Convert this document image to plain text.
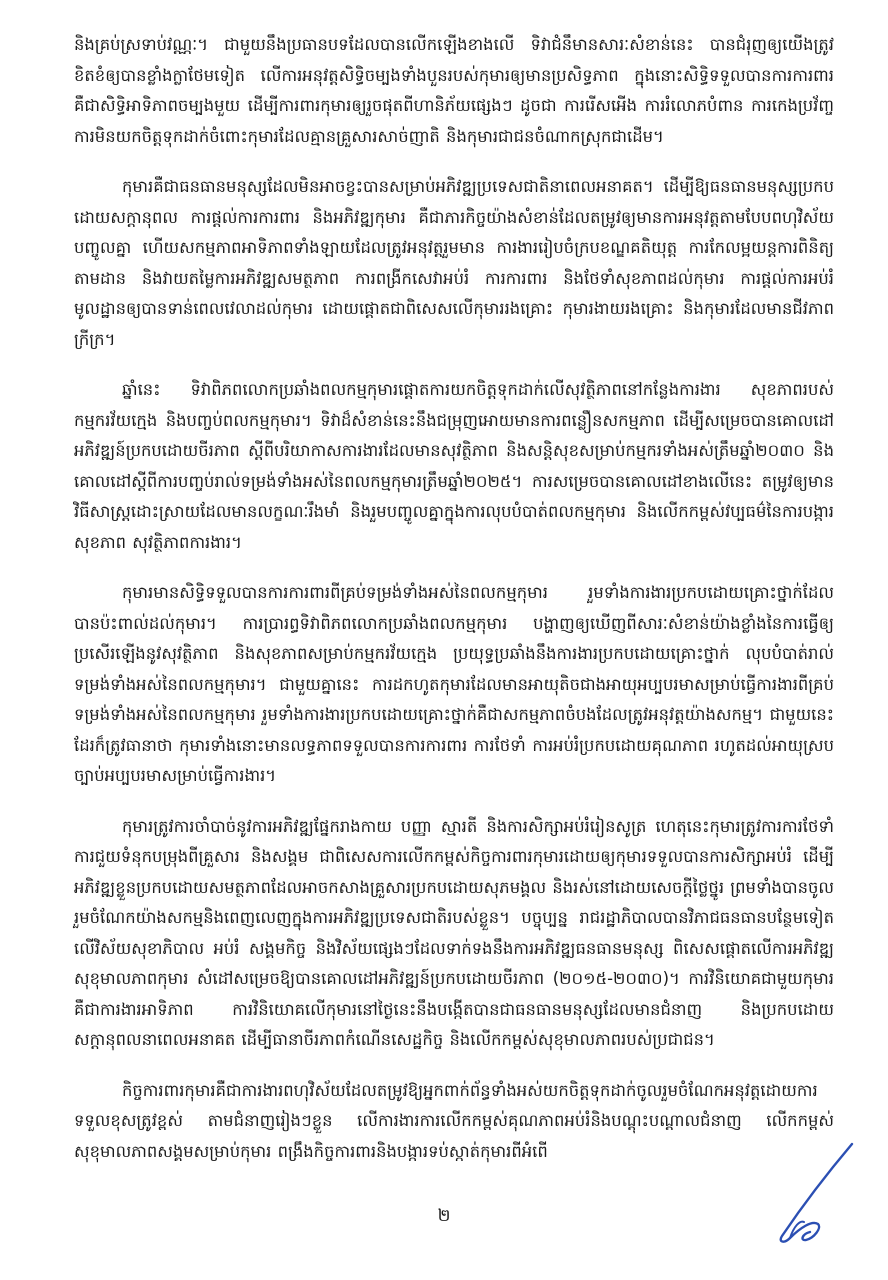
និងគ្រប់ស្រទាប់វណ្ណៈ។ ជាមួយនឹងប្រធានបទដែលបានលើកឡើងខាងលើ ទិវាជំនឹមានសារៈសំខាន់នេះ បានជំរុញឲ្យយើងត្រូវខិតខំឲ្យបានខ្លាំងក្លាថែមទៀត លើការអនុវត្តសិទ្ធិចម្បងទាំងបួនរបស់កុមារឲ្យមានប្រសិទ្ធភាព ក្នុងនោះសិទ្ធិទទួលបានការការពារគឺជាសិទ្ធិអាទិភាពចម្បងមួយ ដើម្បីការពារកុមារឲ្យរួចផុតពីហានិភ័យផ្សេងៗ ដូចជា ការរើសអើង ការរំលោភបំពាន ការកេងប្រវ័ញ្ច ការមិនយកចិត្តទុកដាក់ចំពោះកុមារដែលគ្មានគ្រួសារសាច់ញាតិ និងកុមារជាជនចំណាកស្រុកជាដើម។

កុមារគឺជាធនធានមនុស្សដែលមិនអាចខ្វះបានសម្រាប់អភិវឌ្ឍប្រទេសជាតិនាពេលអនាគត។ ដើម្បីឱ្យធនធានមនុស្សប្រកបដោយសក្តានុពល ការផ្តល់ការការពារ និងអភិវឌ្ឍកុមារ គឺជាភារកិច្ចយ៉ាងសំខាន់ដែលតម្រូវឲ្យមានការអនុវត្តតាមបែបពហុវិស័យបញ្ចូលគ្នា ហើយសកម្មភាពអាទិភាពទាំងឡាយដែលត្រូវអនុវត្តរួមមាន ការងាររៀបចំក្របខណ្ឌគតិយុត្ត ការកែលម្អយន្តការពិនិត្យតាមដាន និងវាយតម្លៃការអភិវឌ្ឍសមត្ថភាព ការពង្រីកសេវាអប់រំ ការការពារ និងថែទាំសុខភាពដល់កុមារ ការផ្តល់ការអប់រំមូលដ្ឋានឲ្យបានទាន់ពេលវេលាដល់កុមារ ដោយផ្តោតជាពិសេសលើកុមាររងគ្រោះ កុមារងាយរងគ្រោះ និងកុមារដែលមានជីវភាពក្រីក្រ។

ឆ្នាំនេះ ទិវាពិភពលោកប្រឆាំងពលកម្មកុមារផ្តោតការយកចិត្តទុកដាក់លើសុវត្ថិភាពនៅកន្លែងការងារ សុខភាពរបស់កម្មករវ័យក្មេង និងបញ្ចប់ពលកម្មកុមារ។ ទិវាដ៏សំខាន់នេះនឹងជម្រុញអោយមានការពន្លឿនសកម្មភាព ដើម្បីសម្រេចបានគោលដៅអភិវឌ្ឍន៍ប្រកបដោយចីរភាព ស្តីពីបរិយាកាសការងារដែលមានសុវត្ថិភាព និងសន្តិសុខសម្រាប់កម្មករទាំងអស់ត្រឹមឆ្នាំ២០៣០ និងគោលដៅស្តីពីការបញ្ចប់រាល់ទម្រង់ទាំងអស់នៃពលកម្មកុមារត្រឹមឆ្នាំ២០២៥។ ការសម្រេចបានគោលដៅខាងលើនេះ តម្រូវឲ្យមានវិធីសាស្ត្រដោះស្រាយដែលមានលក្ខណៈរឹងមាំ និងរួមបញ្ចូលគ្នាក្នុងការលុបបំបាត់ពលកម្មកុមារ និងលើកកម្ពស់វប្បធម៌នៃការបង្ការសុខភាព សុវត្ថិភាពការងារ។

កុមារមានសិទ្ធិទទួលបានការការពារពីគ្រប់ទម្រង់ទាំងអស់នៃពលកម្មកុមារ រួមទាំងការងារប្រកបដោយគ្រោះថ្នាក់ដែលបានប៉ះពាល់ដល់កុមារ។ ការប្រារព្ធទិវាពិភពលោកប្រឆាំងពលកម្មកុមារ បង្ហាញឲ្យឃើញពីសារៈសំខាន់យ៉ាងខ្លាំងនៃការធ្វើឲ្យប្រសើរឡើងនូវសុវត្ថិភាព និងសុខភាពសម្រាប់កម្មករវ័យក្មេង ប្រយុទ្ធប្រឆាំងនឹងការងារប្រកបដោយគ្រោះថ្នាក់ លុបបំបាត់រាល់ទម្រង់ទាំងអស់នៃពលកម្មកុមារ។ ជាមួយគ្នានេះ ការដកហូតកុមារដែលមានអាយុតិចជាងអាយុអប្បបរមាសម្រាប់ធ្វើការងារពីគ្រប់ទម្រង់ទាំងអស់នៃពលកម្មកុមារ រួមទាំងការងារប្រកបដោយគ្រោះថ្នាក់គឺជាសកម្មភាពចំបងដែលត្រូវអនុវត្តយ៉ាងសកម្ម។ ជាមួយនេះដែរក៏ត្រូវធានាថា កុមារទាំងនោះមានលទ្ធភាពទទួលបានការការពារ ការថែទាំ ការអប់រំប្រកបដោយគុណភាព រហូតដល់អាយុស្របច្បាប់អប្បបរមាសម្រាប់ធ្វើការងារ។

កុមារត្រូវការចាំបាច់នូវការអភិវឌ្ឍផ្នែករាងកាយ បញ្ញា ស្មារតី និងការសិក្សាអប់រំរៀនសូត្រ ហេតុនេះកុមារត្រូវការការថែទាំ ការជួយទំនុកបម្រុងពីគ្រួសារ និងសង្គម ជាពិសេសការលើកកម្ពស់កិច្ចការពារកុមារដោយឲ្យកុមារទទួលបានការសិក្សាអប់រំ ដើម្បីអភិវឌ្ឍខ្លួនប្រកបដោយសមត្ថភាពដែលអាចកសាងគ្រួសារប្រកបដោយសុភមង្គល និងរស់នៅដោយសេចក្តីថ្លៃថ្នូរ ព្រមទាំងបានចូលរួមចំណែកយ៉ាងសកម្មនិងពេញលេញក្នុងការអភិវឌ្ឍប្រទេសជាតិរបស់ខ្លួន។ បច្ចុប្បន្ន រាជរដ្ឋាភិបាលបានវិភាជធនធានបន្ថែមទៀត លើវិស័យសុខាភិបាល អប់រំ សង្គមកិច្ច និងវិស័យផ្សេងៗដែលទាក់ទងនឹងការអភិវឌ្ឍធនធានមនុស្ស ពិសេសផ្តោតលើការអភិវឌ្ឍសុខុមាលភាពកុមារ សំដៅសម្រេចឱ្យបានគោលដៅអភិវឌ្ឍន៍ប្រកបដោយចីរភាព (២០១៥-២០៣០)។ ការវិនិយោគជាមួយកុមារគឺជាការងារអាទិភាព ការវិនិយោគលើកុមារនៅថ្ងៃនេះនឹងបង្កើតបានជាធនធានមនុស្សដែលមានជំនាញ និងប្រកបដោយសក្តានុពលនាពេលអនាគត ដើម្បីធានាចីរភាពកំណើនសេដ្ឋកិច្ច និងលើកកម្ពស់សុខុមាលភាពរបស់ប្រជាជន។

កិច្ចការពារកុមារគឺជាការងារពហុវិស័យដែលតម្រូវឱ្យអ្នកពាក់ព័ន្ធទាំងអស់យកចិត្តទុកដាក់ចូលរួមចំណែកអនុវត្តដោយការទទួលខុសត្រូវខ្ពស់ តាមជំនាញរៀងៗខ្លួន លើការងារការលើកកម្ពស់គុណភាពអប់រំនិងបណ្តុះបណ្តាលជំនាញ លើកកម្ពស់សុខុមាលភាពសង្គមសម្រាប់កុមារ ពង្រឹងកិច្ចការពារនិងបង្ការទប់ស្កាត់កុមារពីអំពើ

២
